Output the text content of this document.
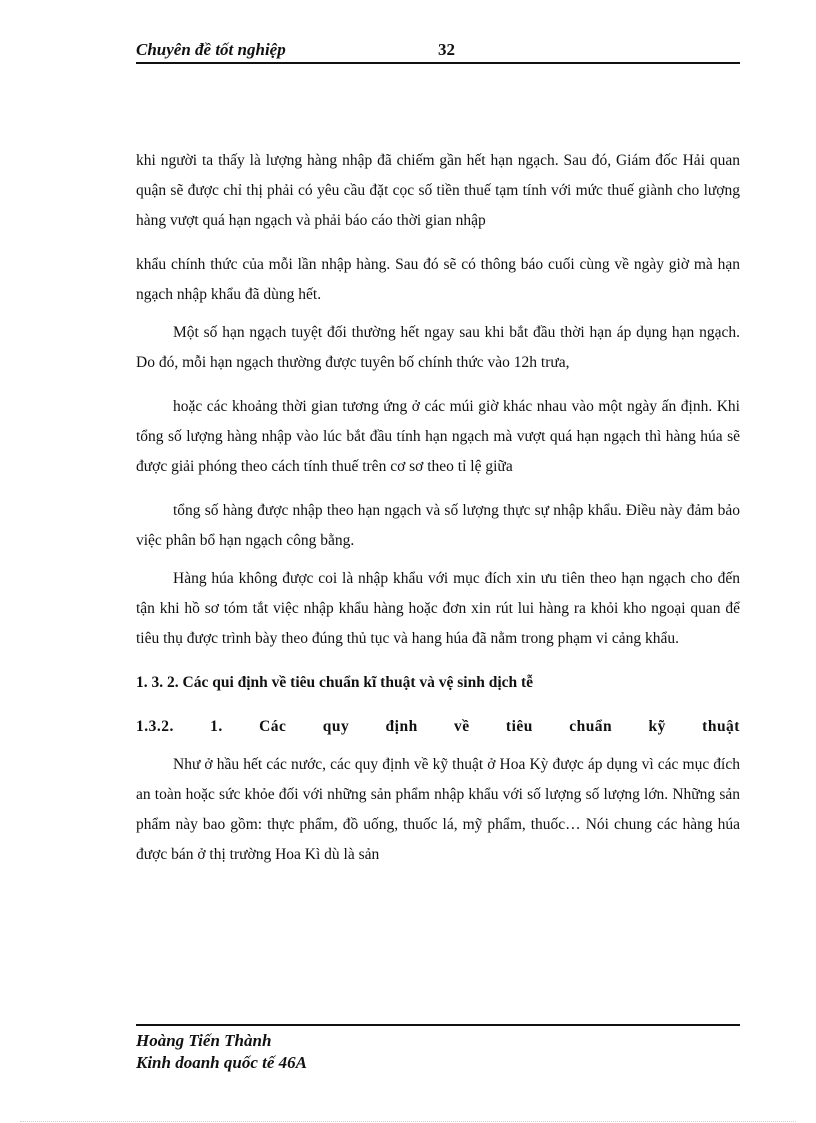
Chuyên đề tốt nghiệp	32

khi người ta thấy là lượng hàng nhập đã chiếm gần hết hạn ngạch. Sau đó, Giám đốc Hải quan quận sẽ được chỉ thị phải có yêu cầu đặt cọc số tiền thuế tạm tính với mức thuế giành cho lượng hàng vượt quá hạn ngạch và phải báo cáo thời gian nhập

khẩu chính thức của mỗi lần nhập hàng. Sau đó sẽ có thông báo cuối cùng về ngày giờ mà hạn ngạch nhập khẩu đã dùng hết.

Một số hạn ngạch tuyệt đối thường hết ngay sau khi bắt đầu thời hạn áp dụng hạn ngạch. Do đó, mỗi hạn ngạch thường được tuyên bố chính thức vào 12h trưa,

hoặc các khoảng thời gian tương ứng ở các múi giờ khác nhau vào một ngày ấn định. Khi tổng số lượng hàng nhập vào lúc bắt đầu tính hạn ngạch mà vượt quá hạn ngạch thì hàng húa sẽ được giải phóng theo cách tính thuế trên cơ sơ theo tỉ lệ giữa

tổng số hàng được nhập theo hạn ngạch và số lượng thực sự nhập khẩu. Điều này đảm bảo việc phân bổ hạn ngạch công bằng.

Hàng húa không được coi là nhập khẩu với mục đích xin ưu tiên theo hạn ngạch cho đến tận khi hồ sơ tóm tắt việc nhập khẩu hàng hoặc đơn xin rút lui hàng ra khỏi kho ngoại quan để tiêu thụ được trình bày theo đúng thủ tục và hang húa đã nằm trong phạm vi cảng khẩu.

1. 3. 2. Các qui định về tiêu chuẩn kĩ thuật và vệ sinh dịch tễ

1.3.2. 1. Các quy định về tiêu chuẩn kỹ thuật

Như ở hầu hết các nước, các quy định về kỹ thuật ở Hoa Kỳ được áp dụng vì các mục đích an toàn hoặc sức khỏe đối với những sản phẩm nhập khẩu với số lượng số lượng lớn. Những sản phẩm này bao gồm: thực phẩm, đồ uống, thuốc lá, mỹ phẩm, thuốc… Nói chung các hàng húa được bán ở thị trường Hoa Kì dù là sản

Hoàng Tiến Thành
Kinh doanh quốc tế 46A
